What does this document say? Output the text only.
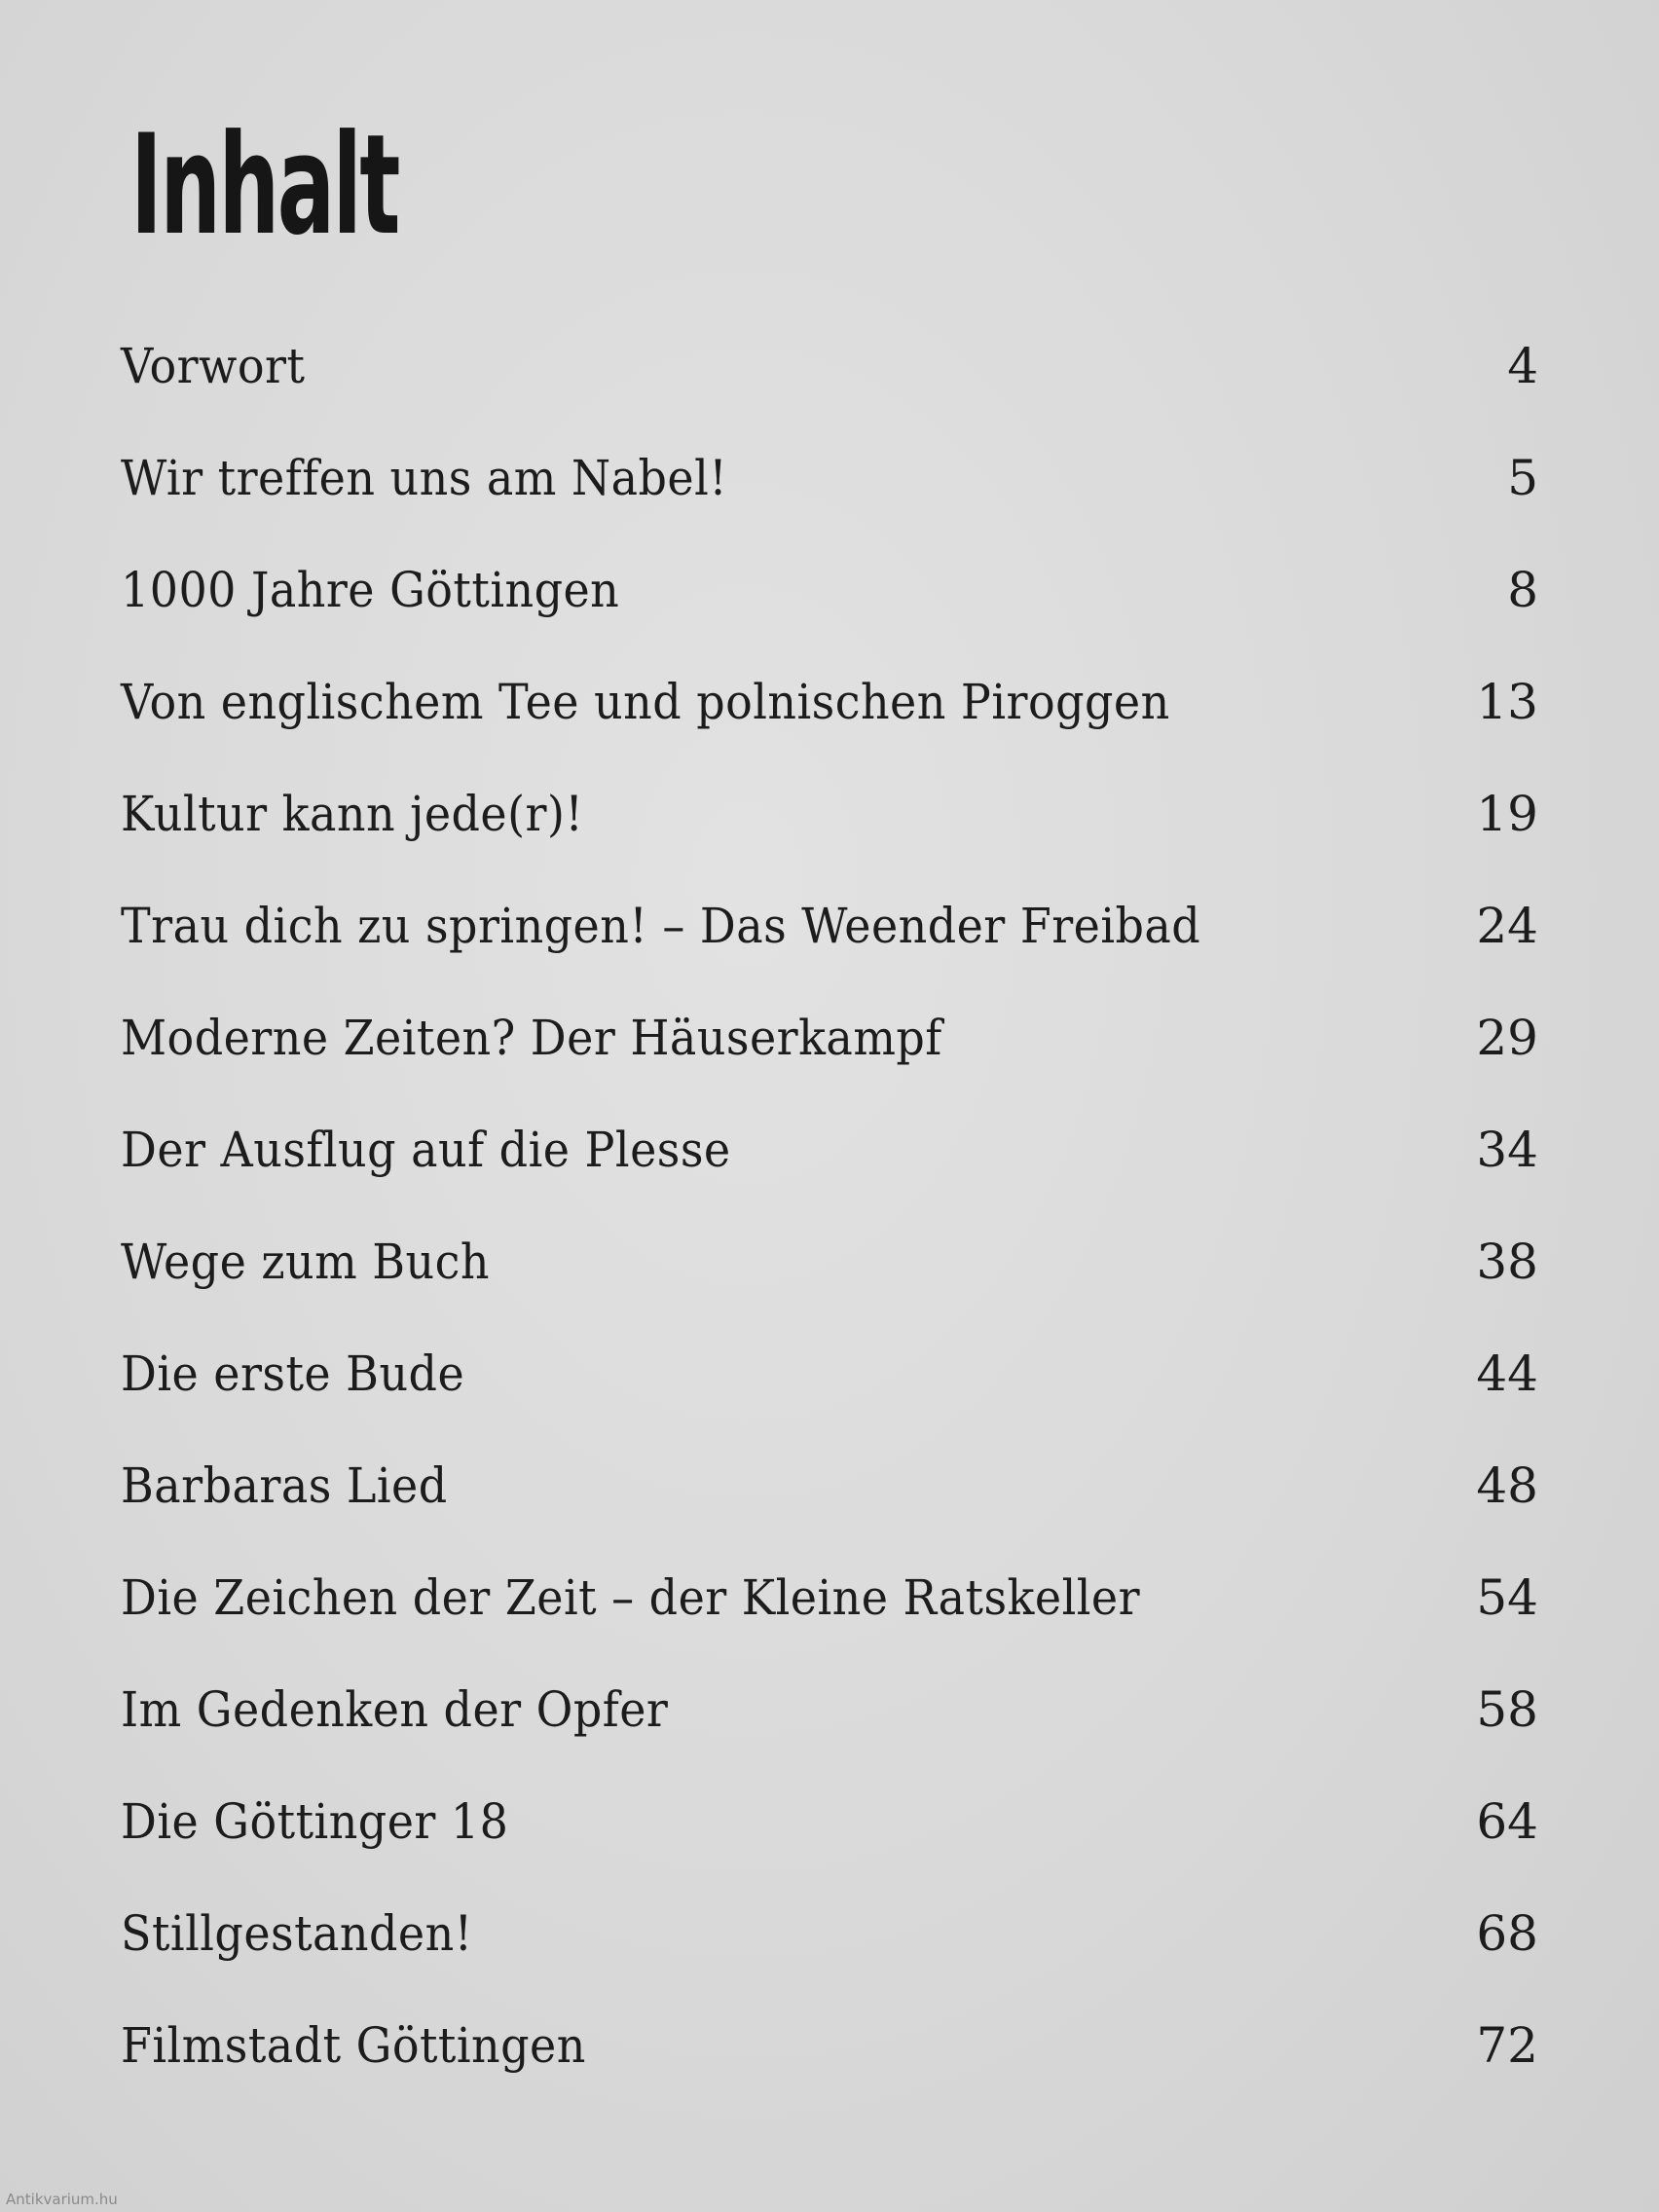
Inhalt
Vorwort	4
Wir treffen uns am Nabel!	5
1000 Jahre Göttingen	8
Von englischem Tee und polnischen Piroggen	13
Kultur kann jede(r)!	19
Trau dich zu springen! – Das Weender Freibad	24
Moderne Zeiten? Der Häuserkampf	29
Der Ausflug auf die Plesse	34
Wege zum Buch	38
Die erste Bude	44
Barbaras Lied	48
Die Zeichen der Zeit – der Kleine Ratskeller	54
Im Gedenken der Opfer	58
Die Göttinger 18	64
Stillgestanden!	68
Filmstadt Göttingen	72
Antikvarium.hu
